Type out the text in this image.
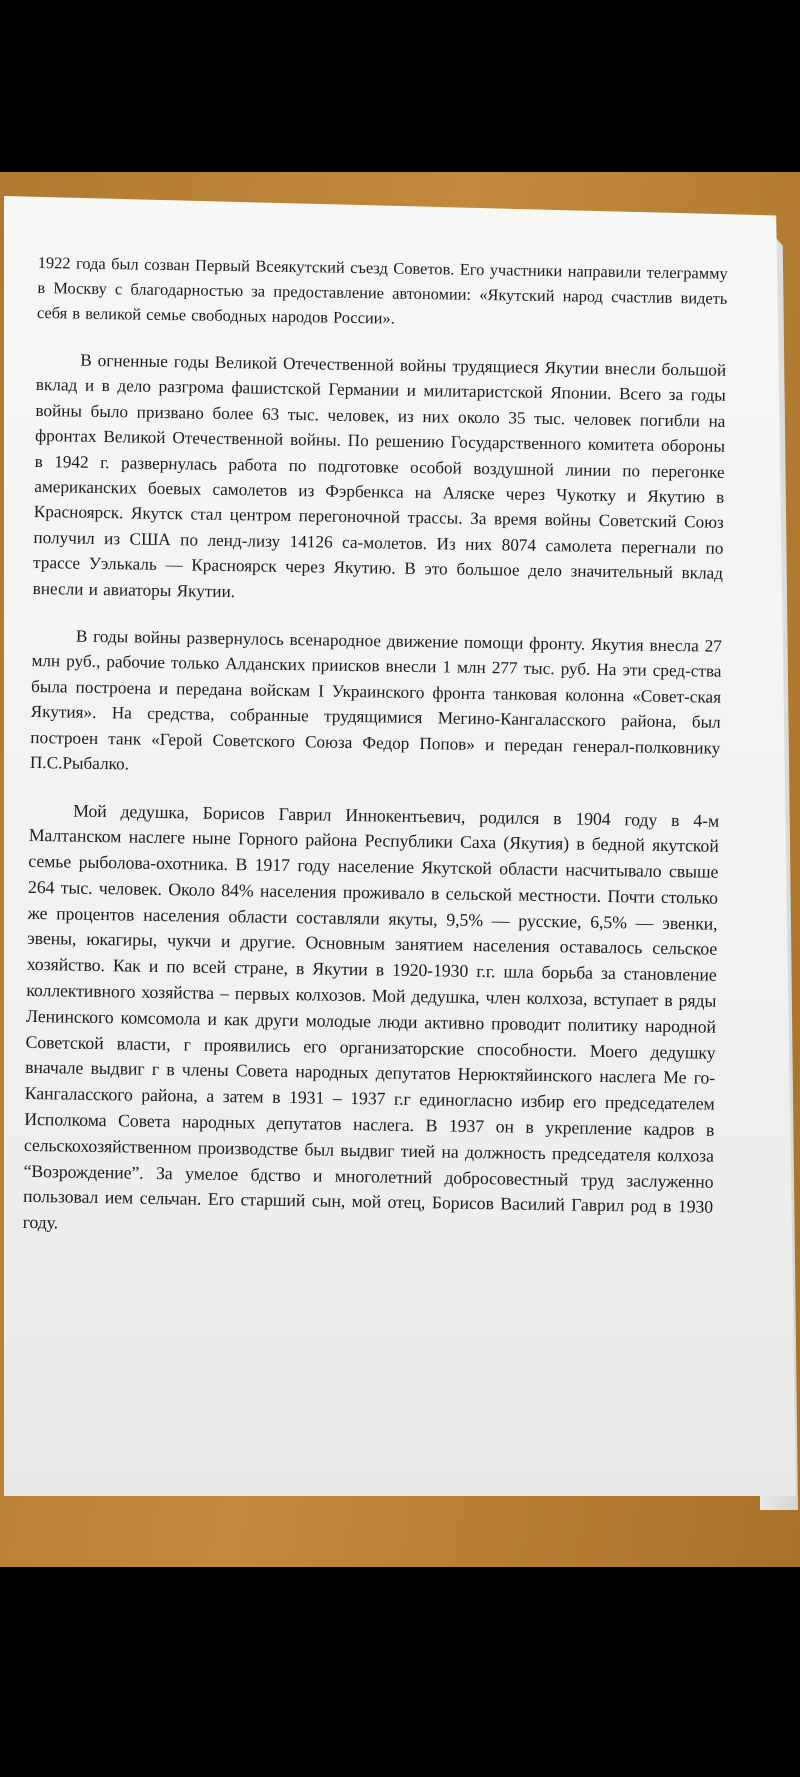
1922 года был созван Первый Всеякутский съезд Советов. Его участники направили телеграмму в Москву с благодарностью за предоставление автономии: «Якутский народ счастлив видеть себя в великой семье свободных народов России».

В огненные годы Великой Отечественной войны трудящиеся Якутии внесли большой вклад и в дело разгрома фашистской Германии и милитаристской Японии. Всего за годы войны было призвано более 63 тыс. человек, из них около 35 тыс. человек погибли на фронтах Великой Отечественной войны. По решению Государственного комитета обороны в 1942 г. развернулась работа по подготовке особой воздушной линии по перегонке американских боевых самолетов из Фэрбенкса на Аляске через Чукотку и Якутию в Красноярск. Якутск стал центром перегоночной трассы. За время войны Советский Союз получил из США по ленд-лизу 14126 са-молетов. Из них 8074 самолета перегнали по трассе Уэлькаль — Красноярск через Якутию. В это большое дело значительный вклад внесли и авиаторы Якутии.

В годы войны развернулось всенародное движение помощи фронту. Якутия внесла 27 млн руб., рабочие только Алданских приисков внесли 1 млн 277 тыс. руб. На эти сред-ства была построена и передана войскам I Украинского фронта танковая колонна «Совет-ская Якутия». На средства, собранные трудящимися Мегино-Кангаласского района, был построен танк «Герой Советского Союза Федор Попов» и передан генерал-полковнику П.С.Рыбалко.

Мой дедушка, Борисов Гаврил Иннокентьевич, родился в 1904 году в 4-м Малтанском наслеге ныне Горного района Республики Саха (Якутия) в бедной якутской семье рыболова-охотника. В 1917 году население Якутской области насчитывало свыше 264 тыс. человек. Около 84% населения проживало в сельской местности. Почти столько же процентов населения области составляли якуты, 9,5% — русские, 6,5% — эвенки, эвены, юкагиры, чукчи и другие. Основным занятием населения оставалось сельское хозяйство. Как и по всей стране, в Якутии в 1920-1930 г.г. шла борьба за становление коллективного хозяйства – первых колхозов. Мой дедушка, член колхоза, вступает в ряды Ленинского комсомола и как други молодые люди активно проводит политику народной Советской власти, г проявились его организаторские способности. Моего дедушку вначале выдвиг г в члены Совета народных депутатов Нерюктяйинского наслега Ме го-Кангаласского района, а затем в 1931 – 1937 г.г единогласно избир его председателем Исполкома Совета народных депутатов наслега. В 1937 он в укрепление кадров в сельскохозяйственном производстве был выдвиг тией на должность председателя колхоза “Возрождение”. За умелое бдство и многолетний добросовестный труд заслуженно пользовал ием сельчан. Его старший сын, мой отец, Борисов Василий Гаврил род в 1930 году.
